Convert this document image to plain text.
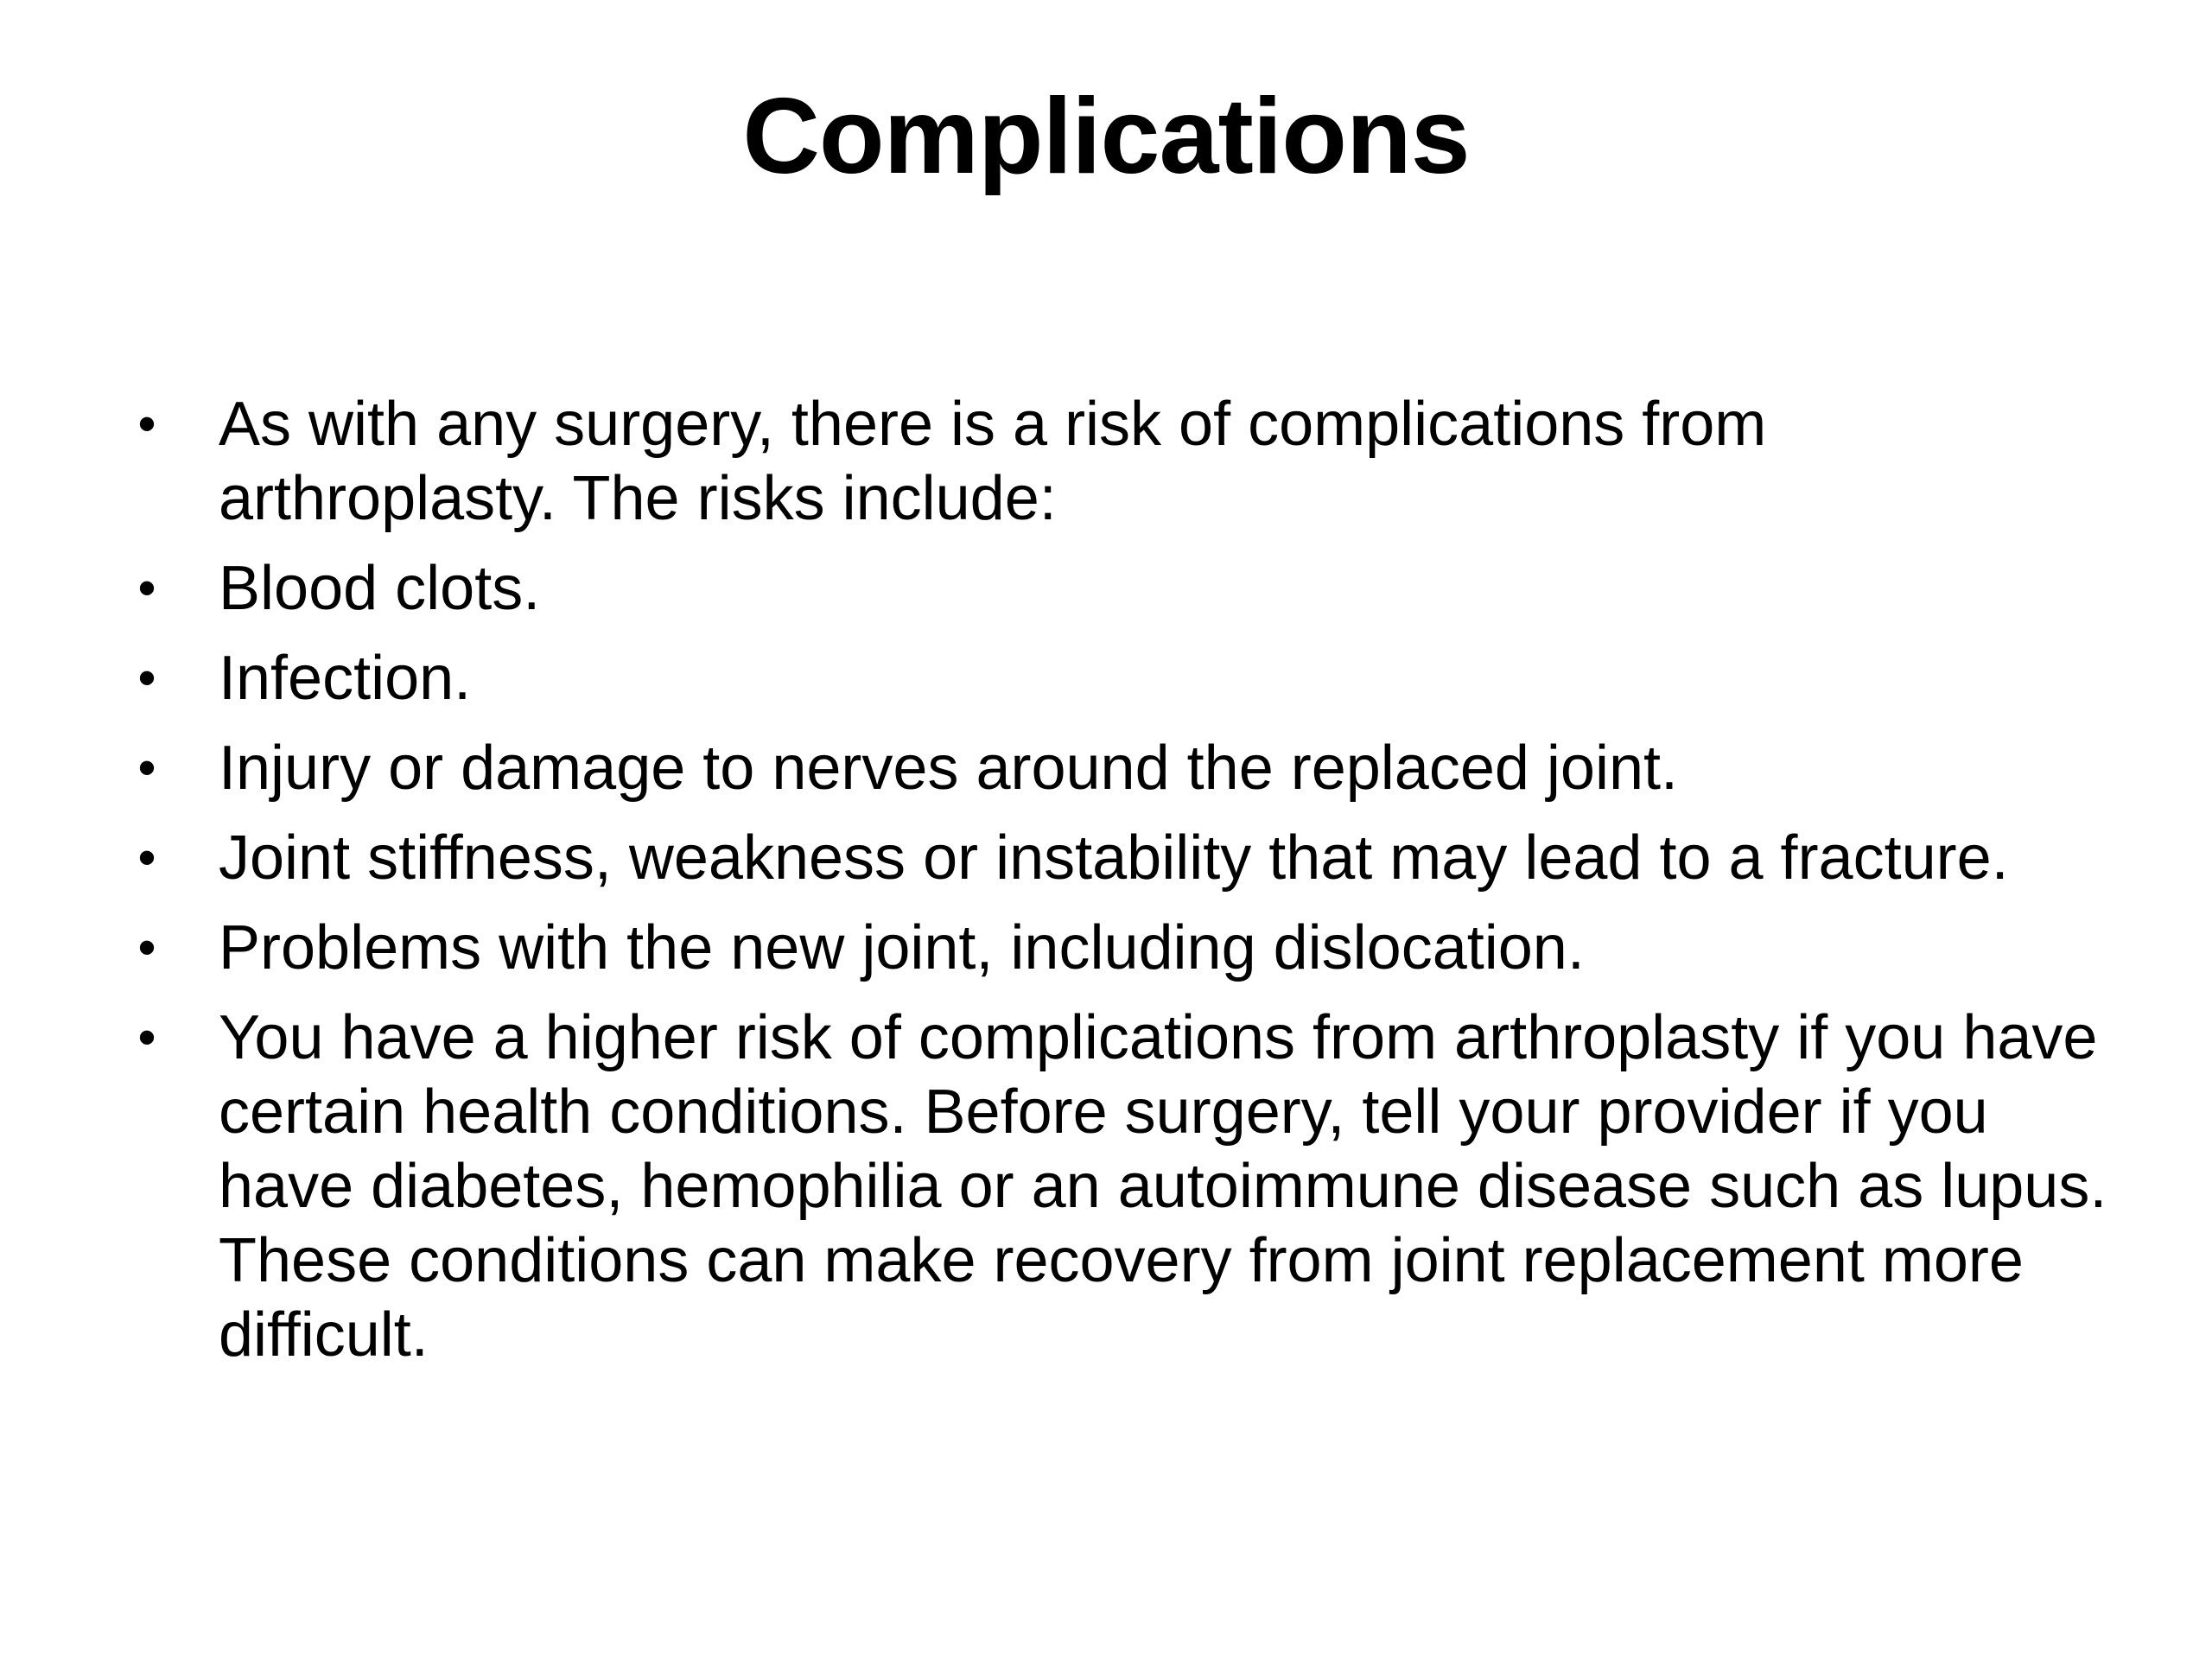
Complications
• As with any surgery, there is a risk of complications from arthroplasty. The risks include:
• Blood clots.
• Infection.
• Injury or damage to nerves around the replaced joint.
• Joint stiffness, weakness or instability that may lead to a fracture.
• Problems with the new joint, including dislocation.
• You have a higher risk of complications from arthroplasty if you have certain health conditions. Before surgery, tell your provider if you have diabetes, hemophilia or an autoimmune disease such as lupus. These conditions can make recovery from joint replacement more difficult.
